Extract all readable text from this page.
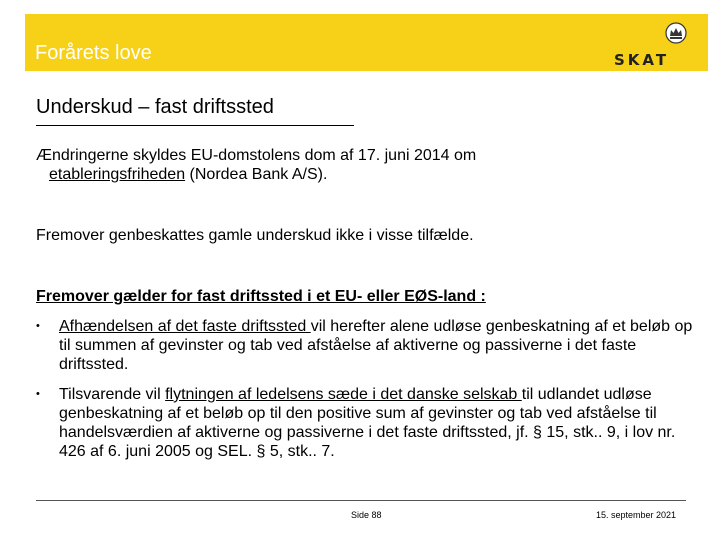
Forårets love	SKAT
Underskud – fast driftssted
Ændringerne skyldes EU-domstolens dom af 17. juni 2014 om
etableringsfriheden (Nordea Bank A/S).
Fremover genbeskattes gamle underskud ikke i visse tilfælde.
Fremover gælder for fast driftssted i et EU- eller EØS-land :
• Afhændelsen af det faste driftssted vil herefter alene udløse genbeskatning af et beløb op til summen af gevinster og tab ved afståelse af aktiverne og passiverne i det faste driftssted.
• Tilsvarende vil flytningen af ledelsens sæde i det danske selskab til udlandet udløse genbeskatning af et beløb op til den positive sum af gevinster og tab ved afståelse til handelsværdien af aktiverne og passiverne i det faste driftssted, jf. § 15, stk.. 9, i lov nr. 426 af 6. juni 2005 og SEL. § 5, stk.. 7.
Side 88	15. september 2021
